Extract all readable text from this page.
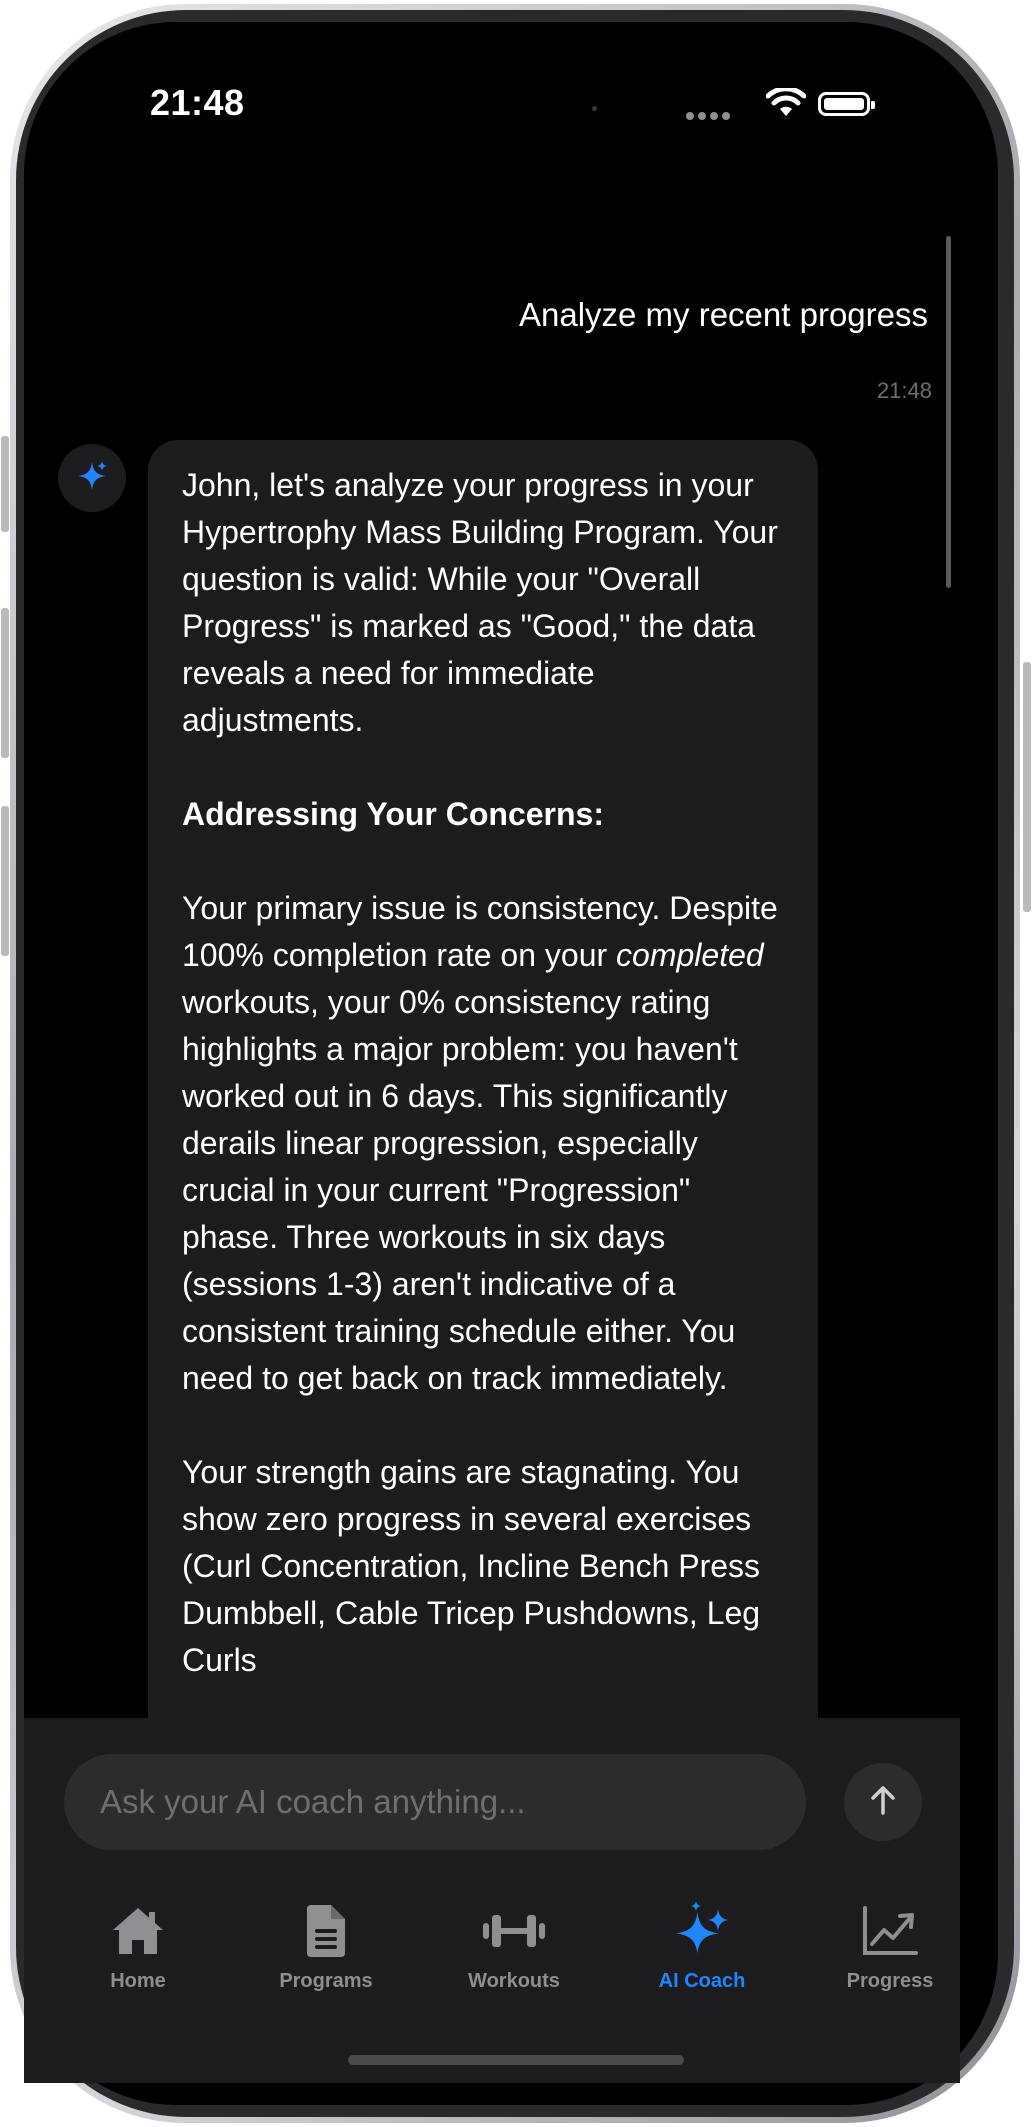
21:48
Analyze my recent progress
21:48

John, let's analyze your progress in your Hypertrophy Mass Building Program. Your question is valid: While your "Overall Progress" is marked as "Good," the data reveals a need for immediate adjustments.

Addressing Your Concerns:

Your primary issue is consistency. Despite 100% completion rate on your completed workouts, your 0% consistency rating highlights a major problem: you haven't worked out in 6 days. This significantly derails linear progression, especially crucial in your current "Progression" phase. Three workouts in six days (sessions 1-3) aren't indicative of a consistent training schedule either. You need to get back on track immediately.

Your strength gains are stagnating. You show zero progress in several exercises (Curl Concentration, Incline Bench Press Dumbbell, Cable Tricep Pushdowns, Leg Curls

Ask your AI coach anything...
Home	Programs	Workouts	AI Coach	Progress
